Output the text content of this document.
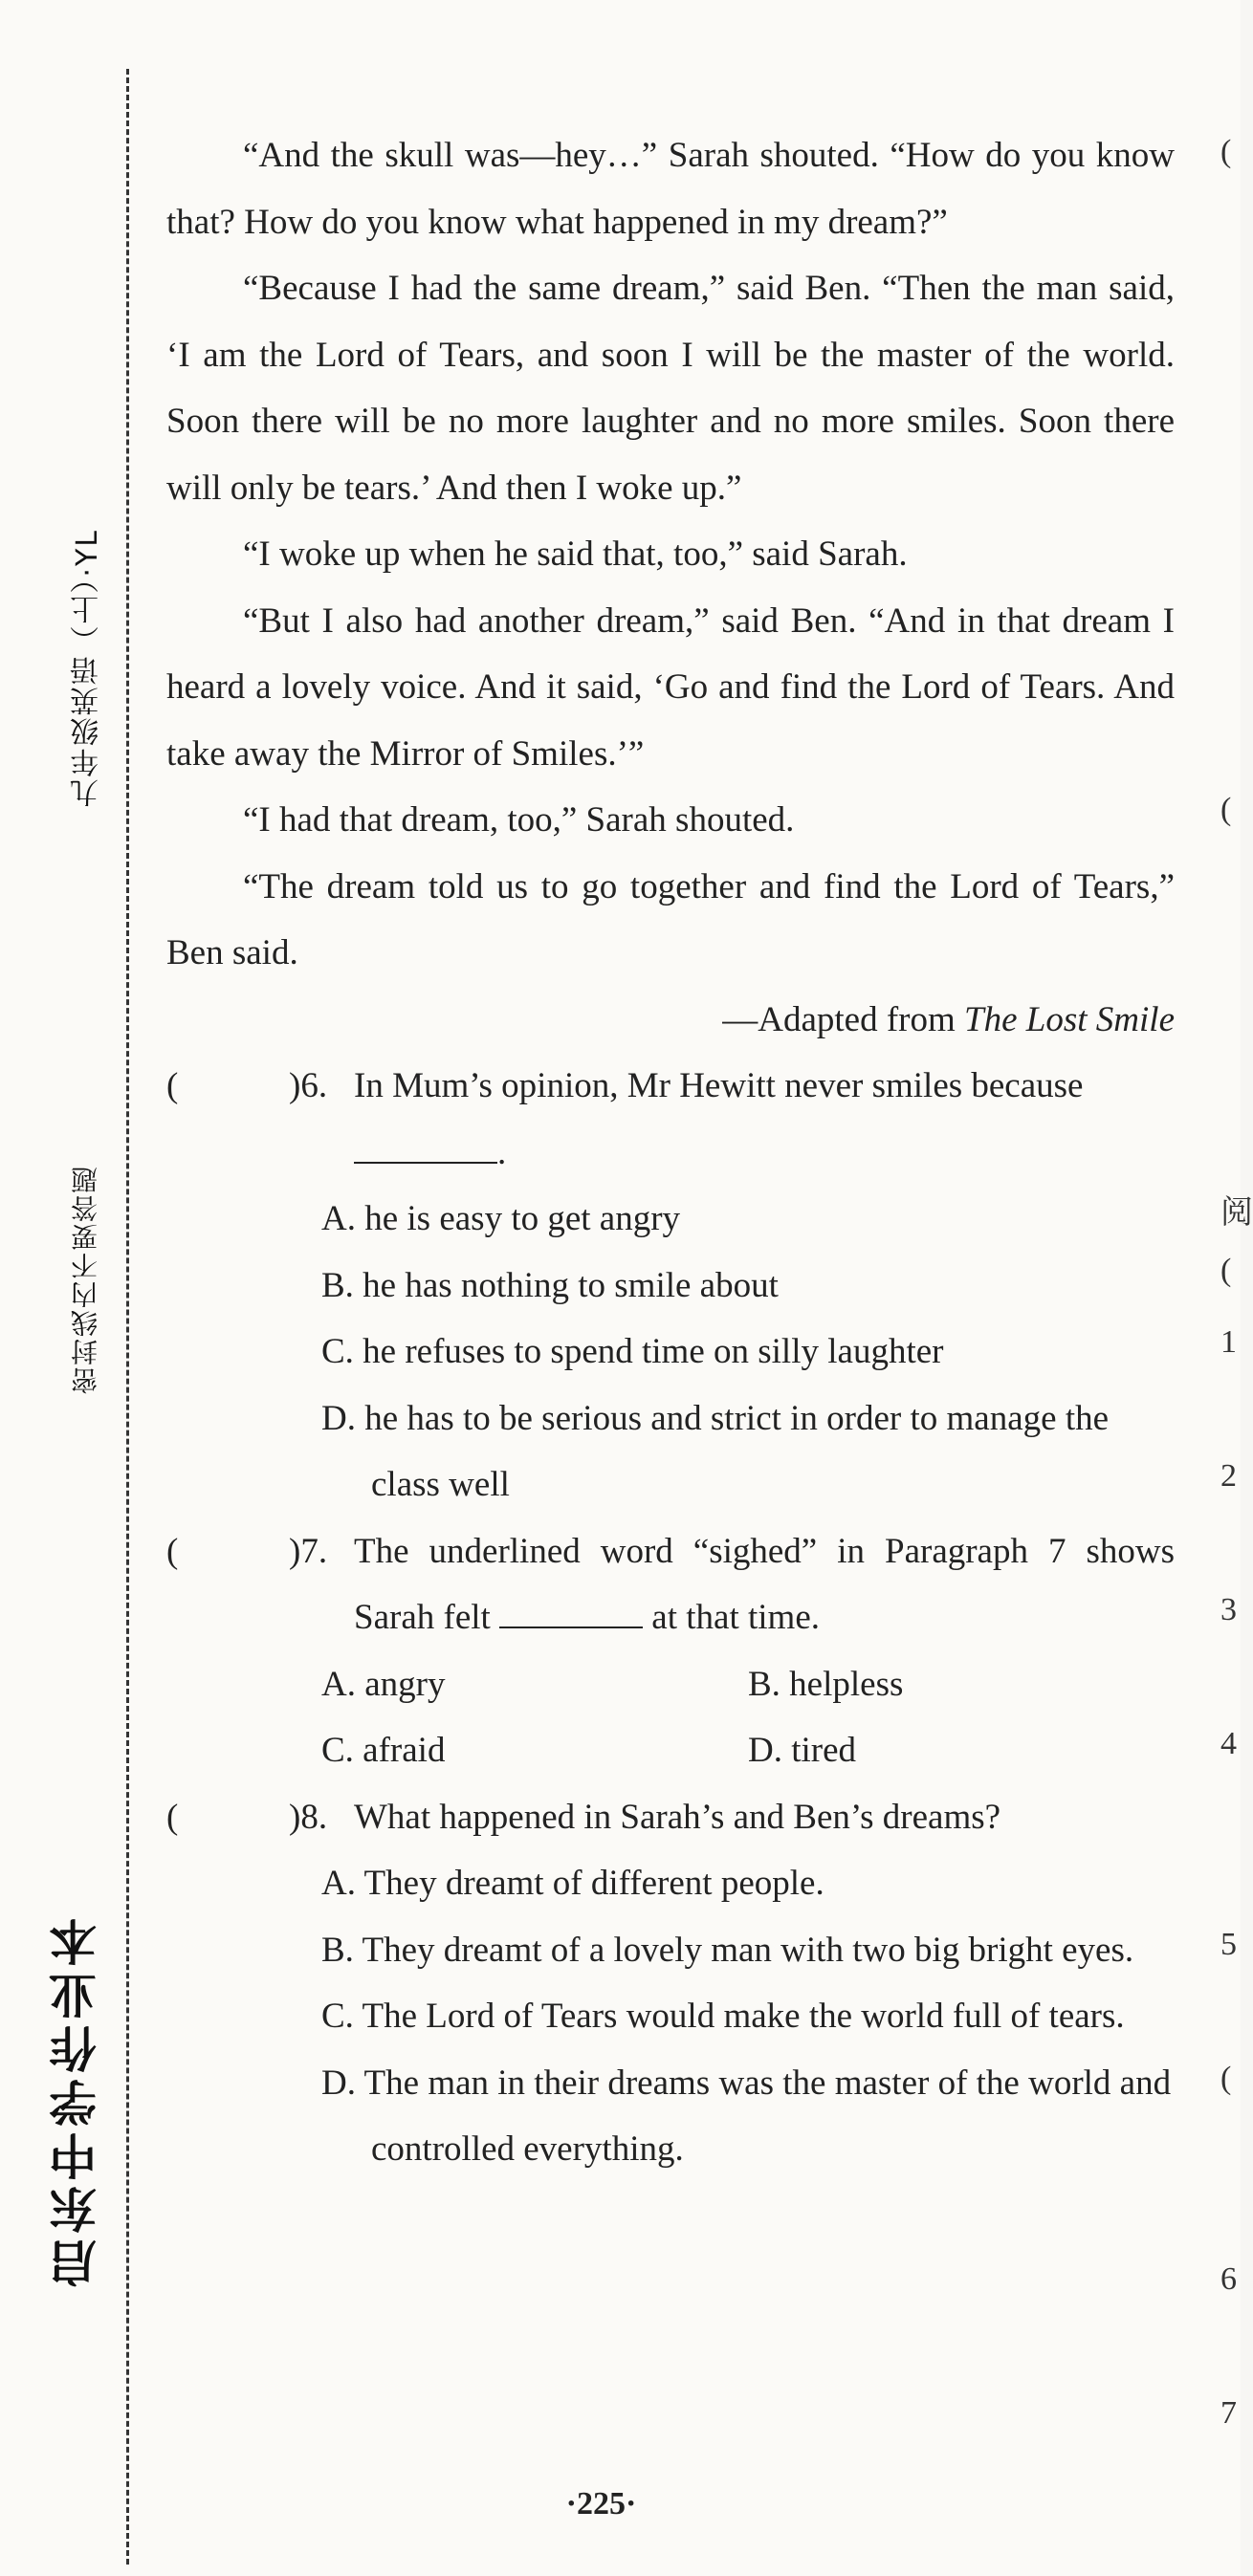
九年级英语（上）·YL
密封线内不要答题
启东中学作业本

“And the skull was—hey…” Sarah shouted. “How do you know that? How do you know what happened in my dream?”

“Because I had the same dream,” said Ben. “Then the man said, ‘I am the Lord of Tears, and soon I will be the master of the world. Soon there will be no more laughter and no more smiles. Soon there will only be tears.’ And then I woke up.”

“I woke up when he said that, too,” said Sarah.

“But I also had another dream,” said Ben. “And in that dream I heard a lovely voice. And it said, ‘Go and find the Lord of Tears. And take away the Mirror of Smiles.’”

“I had that dream, too,” Sarah shouted.

“The dream told us to go together and find the Lord of Tears,” Ben said.

—Adapted from The Lost Smile

(	)6. In Mum’s opinion, Mr Hewitt never smiles because
.

A. he is easy to get angry

B. he has nothing to smile about

C. he refuses to spend time on silly laughter

D. he has to be serious and strict in order to manage the class well

(	)7. The underlined word “sighed” in Paragraph 7 shows Sarah felt	at that time.
A. angry	B. helpless
C. afraid	D. tired
(	)8. What happened in Sarah’s and Ben’s dreams?

A. They dreamt of different people.

B. They dreamt of a lovely man with two big bright eyes.

C. The Lord of Tears would make the world full of tears.

D. The man in their dreams was the master of the world and controlled everything.

·225·
(
(
阅
(
1
2
3
4
5
(
6
7
